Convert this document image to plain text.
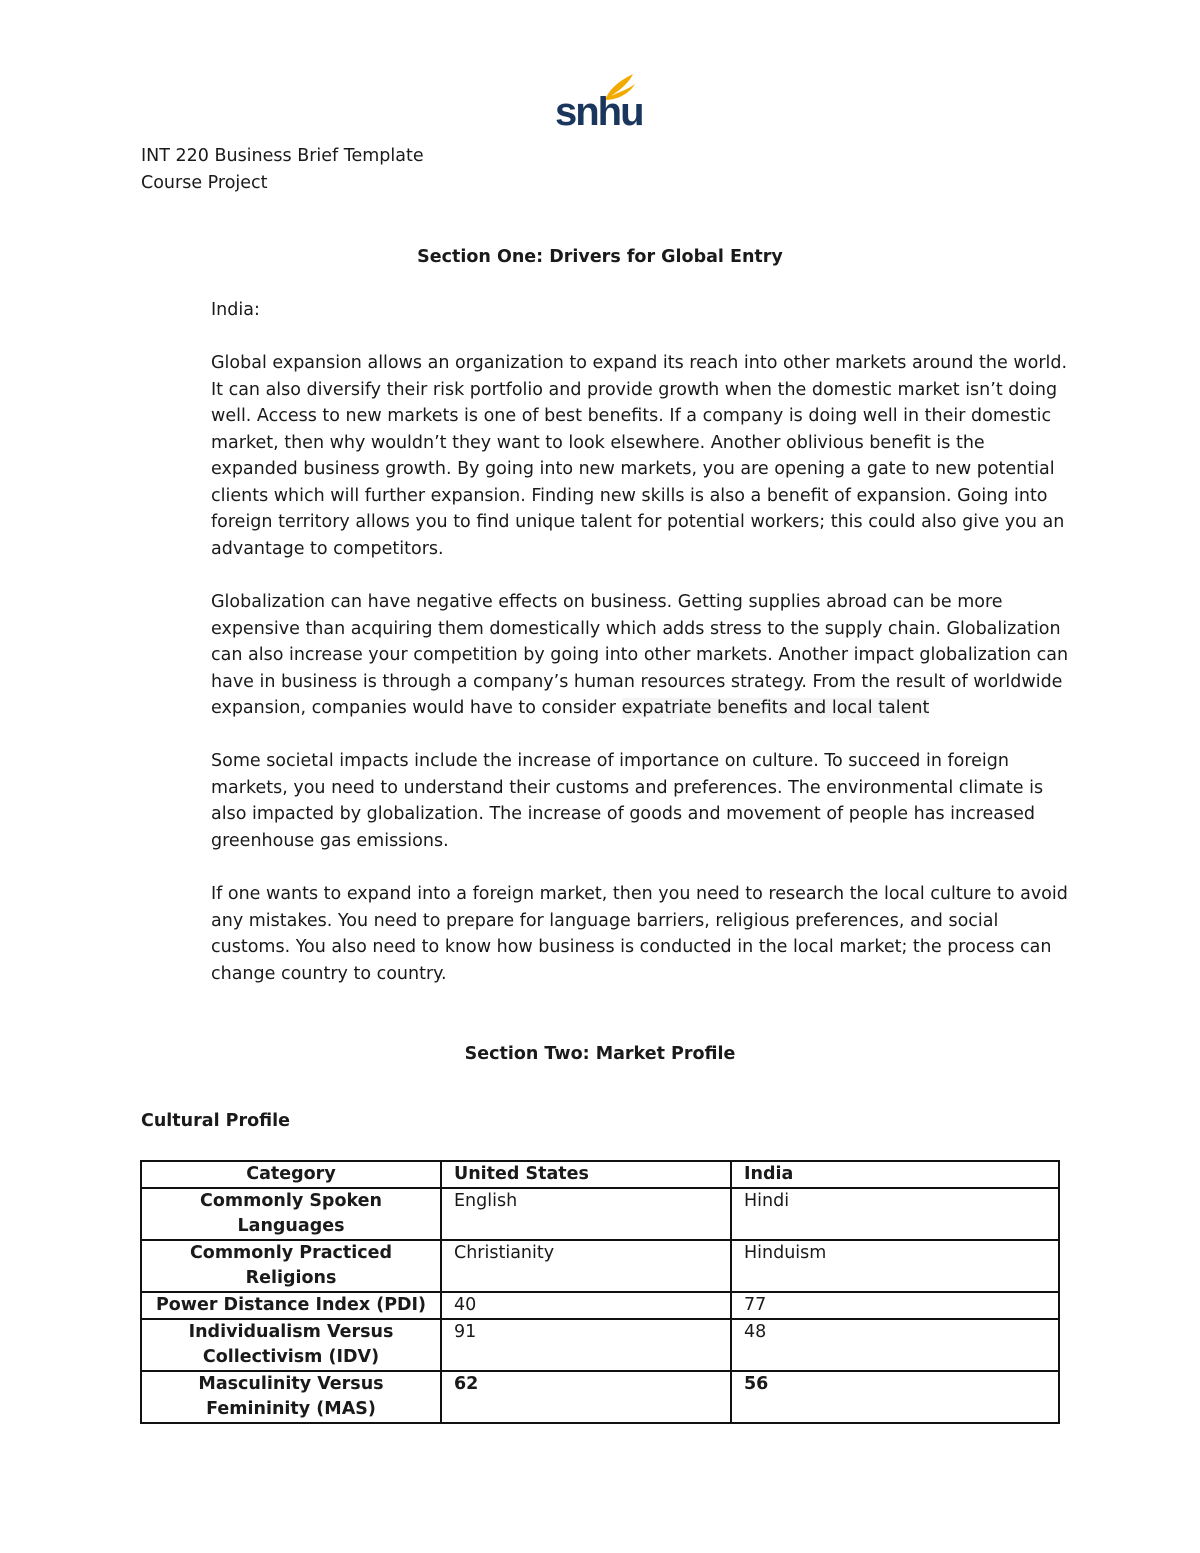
snhu
INT 220 Business Brief Template
Course Project
Section One: Drivers for Global Entry
India:

Global expansion allows an organization to expand its reach into other markets around the world. It can also diversify their risk portfolio and provide growth when the domestic market isn’t doing well. Access to new markets is one of best benefits. If a company is doing well in their domestic market, then why wouldn’t they want to look elsewhere. Another oblivious benefit is the expanded business growth. By going into new markets, you are opening a gate to new potential clients which will further expansion. Finding new skills is also a benefit of expansion. Going into foreign territory allows you to find unique talent for potential workers; this could also give you an advantage to competitors.

Globalization can have negative effects on business. Getting supplies abroad can be more expensive than acquiring them domestically which adds stress to the supply chain. Globalization can also increase your competition by going into other markets. Another impact globalization can have in business is through a company’s human resources strategy. From the result of worldwide expansion, companies would have to consider expatriate benefits and local talent

Some societal impacts include the increase of importance on culture. To succeed in foreign markets, you need to understand their customs and preferences. The environmental climate is also impacted by globalization. The increase of goods and movement of people has increased greenhouse gas emissions.

If one wants to expand into a foreign market, then you need to research the local culture to avoid any mistakes. You need to prepare for language barriers, religious preferences, and social customs. You also need to know how business is conducted in the local market; the process can change country to country.

Section Two: Market Profile
Cultural Profile
Category	United States	India
Commonly Spoken Languages	English	Hindi
Commonly Practiced Religions	Christianity	Hinduism
Power Distance Index (PDI)	40	77
Individualism Versus Collectivism (IDV)	91	48
Masculinity Versus Femininity (MAS)	62	56
